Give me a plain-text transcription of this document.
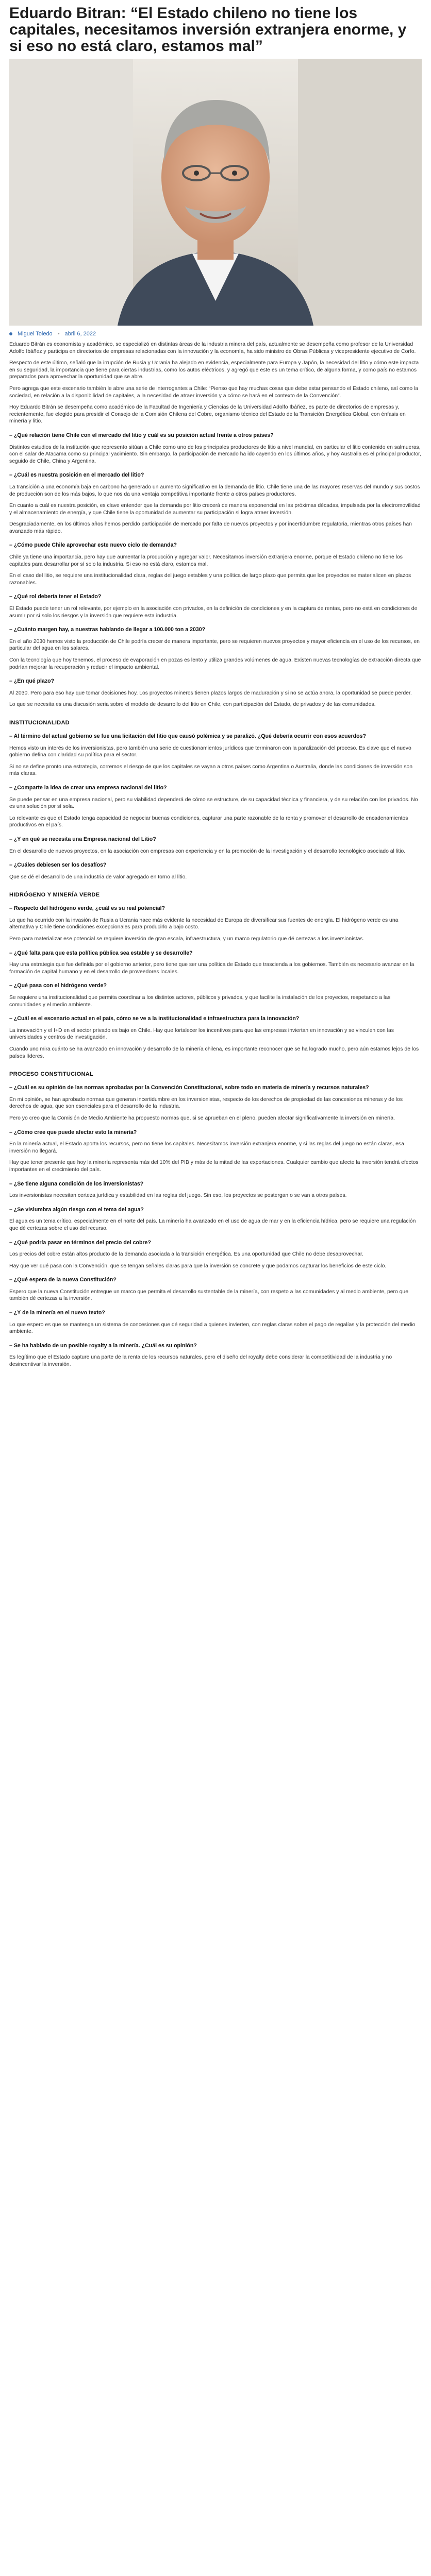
Eduardo Bitran: “El Estado chileno no tiene los capitales, necesitamos inversión extranjera enorme, y si eso no está claro, estamos mal”
Miguel Toledo • abril 6, 2022

Eduardo Bitrán es economista y académico, se especializó en distintas áreas de la industria minera del país, actualmente se desempeña como profesor de la Universidad Adolfo Ibáñez y participa en directorios de empresas relacionadas con la innovación y la economía, ha sido ministro de Obras Públicas y vicepresidente ejecutivo de Corfo.

Respecto de este último, señaló que la irrupción de Rusia y Ucrania ha alejado en evidencia, especialmente para Europa y Japón, la necesidad del litio y cómo este impacta en su seguridad, la importancia que tiene para ciertas industrias, como los autos eléctricos, y agregó que este es un tema crítico, de alguna forma, y como país no estamos preparados para aprovechar la oportunidad que se abre.

Pero agrega que este escenario también le abre una serie de interrogantes a Chile: “Pienso que hay muchas cosas que debe estar pensando el Estado chileno, así como la sociedad, en relación a la disponibilidad de capitales, a la necesidad de atraer inversión y a cómo se hará en el contexto de la Convención”.

Hoy Eduardo Bitrán se desempeña como académico de la Facultad de Ingeniería y Ciencias de la Universidad Adolfo Ibáñez, es parte de directorios de empresas y, recientemente, fue elegido para presidir el Consejo de la Comisión Chilena del Cobre, organismo técnico del Estado de la Transición Energética Global, con énfasis en minería y litio.

– ¿Qué relación tiene Chile con el mercado del litio y cuál es su posición actual frente a otros países?

Distintos estudios de la institución que represento sitúan a Chile como uno de los principales productores de litio a nivel mundial, en particular el litio contenido en salmueras, con el salar de Atacama como su principal yacimiento. Sin embargo, la participación de mercado ha ido cayendo en los últimos años, y hoy Australia es el principal productor, seguido de Chile, China y Argentina.

– ¿Cuál es nuestra posición en el mercado del litio?

La transición a una economía baja en carbono ha generado un aumento significativo en la demanda de litio. Chile tiene una de las mayores reservas del mundo y sus costos de producción son de los más bajos, lo que nos da una ventaja competitiva importante frente a otros países productores.

En cuanto a cuál es nuestra posición, es clave entender que la demanda por litio crecerá de manera exponencial en las próximas décadas, impulsada por la electromovilidad y el almacenamiento de energía, y que Chile tiene la oportunidad de aumentar su participación si logra atraer inversión.

Desgraciadamente, en los últimos años hemos perdido participación de mercado por falta de nuevos proyectos y por incertidumbre regulatoria, mientras otros países han avanzado más rápido.

– ¿Cómo puede Chile aprovechar este nuevo ciclo de demanda?

Chile ya tiene una importancia, pero hay que aumentar la producción y agregar valor. Necesitamos inversión extranjera enorme, porque el Estado chileno no tiene los capitales para desarrollar por sí solo la industria. Si eso no está claro, estamos mal.

En el caso del litio, se requiere una institucionalidad clara, reglas del juego estables y una política de largo plazo que permita que los proyectos se materialicen en plazos razonables.

– ¿Qué rol debería tener el Estado?

El Estado puede tener un rol relevante, por ejemplo en la asociación con privados, en la definición de condiciones y en la captura de rentas, pero no está en condiciones de asumir por sí solo los riesgos y la inversión que requiere esta industria.

– ¿Cuánto margen hay, a nuestras hablando de llegar a 100.000 ton a 2030?

En el año 2030 hemos visto la producción de Chile podría crecer de manera importante, pero se requieren nuevos proyectos y mayor eficiencia en el uso de los recursos, en particular del agua en los salares.

Con la tecnología que hoy tenemos, el proceso de evaporación en pozas es lento y utiliza grandes volúmenes de agua. Existen nuevas tecnologías de extracción directa que podrían mejorar la recuperación y reducir el impacto ambiental.

– ¿En qué plazo?

Al 2030. Pero para eso hay que tomar decisiones hoy. Los proyectos mineros tienen plazos largos de maduración y si no se actúa ahora, la oportunidad se puede perder.

Lo que se necesita es una discusión seria sobre el modelo de desarrollo del litio en Chile, con participación del Estado, de privados y de las comunidades.

INSTITUCIONALIDAD

– Al término del actual gobierno se fue una licitación del litio que causó polémica y se paralizó. ¿Qué debería ocurrir con esos acuerdos?

Hemos visto un interés de los inversionistas, pero también una serie de cuestionamientos jurídicos que terminaron con la paralización del proceso. Es clave que el nuevo gobierno defina con claridad su política para el sector.

Si no se define pronto una estrategia, corremos el riesgo de que los capitales se vayan a otros países como Argentina o Australia, donde las condiciones de inversión son más claras.

– ¿Comparte la idea de crear una empresa nacional del litio?

Se puede pensar en una empresa nacional, pero su viabilidad dependerá de cómo se estructure, de su capacidad técnica y financiera, y de su relación con los privados. No es una solución por sí sola.

Lo relevante es que el Estado tenga capacidad de negociar buenas condiciones, capturar una parte razonable de la renta y promover el desarrollo de encadenamientos productivos en el país.

– ¿Y en qué se necesita una Empresa nacional del Litio?

En el desarrollo de nuevos proyectos, en la asociación con empresas con experiencia y en la promoción de la investigación y el desarrollo tecnológico asociado al litio.

– ¿Cuáles debiesen ser los desafíos?

Que se dé el desarrollo de una industria de valor agregado en torno al litio.

HIDRÓGENO Y MINERÍA VERDE

– Respecto del hidrógeno verde, ¿cuál es su real potencial?

Lo que ha ocurrido con la invasión de Rusia a Ucrania hace más evidente la necesidad de Europa de diversificar sus fuentes de energía. El hidrógeno verde es una alternativa y Chile tiene condiciones excepcionales para producirlo a bajo costo.

Pero para materializar ese potencial se requiere inversión de gran escala, infraestructura, y un marco regulatorio que dé certezas a los inversionistas.

– ¿Qué falta para que esta política pública sea estable y se desarrolle?

Hay una estrategia que fue definida por el gobierno anterior, pero tiene que ser una política de Estado que trascienda a los gobiernos. También es necesario avanzar en la formación de capital humano y en el desarrollo de proveedores locales.

– ¿Qué pasa con el hidrógeno verde?

Se requiere una institucionalidad que permita coordinar a los distintos actores, públicos y privados, y que facilite la instalación de los proyectos, respetando a las comunidades y el medio ambiente.

– ¿Cuál es el escenario actual en el país, cómo se ve a la institucionalidad e infraestructura para la innovación?

La innovación y el I+D en el sector privado es bajo en Chile. Hay que fortalecer los incentivos para que las empresas inviertan en innovación y se vinculen con las universidades y centros de investigación.

Cuando uno mira cuánto se ha avanzado en innovación y desarrollo de la minería chilena, es importante reconocer que se ha logrado mucho, pero aún estamos lejos de los países líderes.

PROCESO CONSTITUCIONAL

– ¿Cuál es su opinión de las normas aprobadas por la Convención Constitucional, sobre todo en materia de minería y recursos naturales?

En mi opinión, se han aprobado normas que generan incertidumbre en los inversionistas, respecto de los derechos de propiedad de las concesiones mineras y de los derechos de agua, que son esenciales para el desarrollo de la industria.

Pero yo creo que la Comisión de Medio Ambiente ha propuesto normas que, si se aprueban en el pleno, pueden afectar significativamente la inversión en minería.

– ¿Cómo cree que puede afectar esto la minería?

En la minería actual, el Estado aporta los recursos, pero no tiene los capitales. Necesitamos inversión extranjera enorme, y si las reglas del juego no están claras, esa inversión no llegará.

Hay que tener presente que hoy la minería representa más del 10% del PIB y más de la mitad de las exportaciones. Cualquier cambio que afecte la inversión tendrá efectos importantes en el crecimiento del país.

– ¿Se tiene alguna condición de los inversionistas?

Los inversionistas necesitan certeza jurídica y estabilidad en las reglas del juego. Sin eso, los proyectos se postergan o se van a otros países.

– ¿Se vislumbra algún riesgo con el tema del agua?

El agua es un tema crítico, especialmente en el norte del país. La minería ha avanzado en el uso de agua de mar y en la eficiencia hídrica, pero se requiere una regulación que dé certezas sobre el uso del recurso.

– ¿Qué podría pasar en términos del precio del cobre?

Los precios del cobre están altos producto de la demanda asociada a la transición energética. Es una oportunidad que Chile no debe desaprovechar.

Hay que ver qué pasa con la Convención, que se tengan señales claras para que la inversión se concrete y que podamos capturar los beneficios de este ciclo.

– ¿Qué espera de la nueva Constitución?

Espero que la nueva Constitución entregue un marco que permita el desarrollo sustentable de la minería, con respeto a las comunidades y al medio ambiente, pero que también dé certezas a la inversión.

– ¿Y de la minería en el nuevo texto?

Lo que espero es que se mantenga un sistema de concesiones que dé seguridad a quienes invierten, con reglas claras sobre el pago de regalías y la protección del medio ambiente.

– Se ha hablado de un posible royalty a la minería. ¿Cuál es su opinión?

Es legítimo que el Estado capture una parte de la renta de los recursos naturales, pero el diseño del royalty debe considerar la competitividad de la industria y no desincentivar la inversión.
